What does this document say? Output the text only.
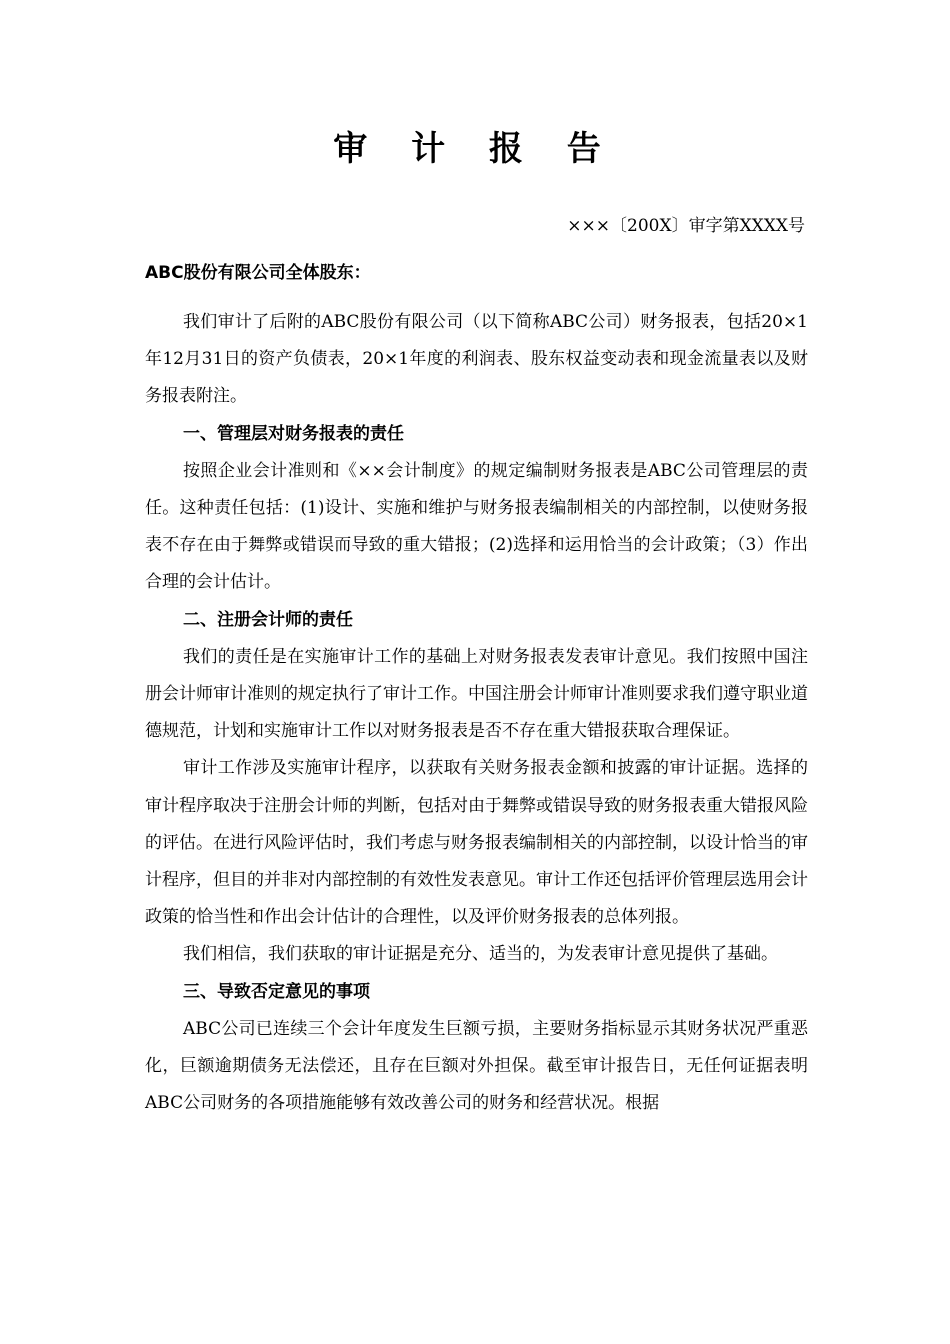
审 计 报 告
×××〔200X〕审字第XXXX号
ABC股份有限公司全体股东：

我们审计了后附的ABC股份有限公司（以下简称ABC公司）财务报表，包括20×1年12月31日的资产负债表，20×1年度的利润表、股东权益变动表和现金流量表以及财务报表附注。

一、管理层对财务报表的责任

按照企业会计准则和《××会计制度》的规定编制财务报表是ABC公司管理层的责任。这种责任包括：(1)设计、实施和维护与财务报表编制相关的内部控制，以使财务报表不存在由于舞弊或错误而导致的重大错报；(2)选择和运用恰当的会计政策；（3）作出合理的会计估计。

二、注册会计师的责任

我们的责任是在实施审计工作的基础上对财务报表发表审计意见。我们按照中国注册会计师审计准则的规定执行了审计工作。中国注册会计师审计准则要求我们遵守职业道德规范，计划和实施审计工作以对财务报表是否不存在重大错报获取合理保证。

审计工作涉及实施审计程序，以获取有关财务报表金额和披露的审计证据。选择的审计程序取决于注册会计师的判断，包括对由于舞弊或错误导致的财务报表重大错报风险的评估。在进行风险评估时，我们考虑与财务报表编制相关的内部控制，以设计恰当的审计程序，但目的并非对内部控制的有效性发表意见。审计工作还包括评价管理层选用会计政策的恰当性和作出会计估计的合理性，以及评价财务报表的总体列报。

我们相信，我们获取的审计证据是充分、适当的，为发表审计意见提供了基础。

三、导致否定意见的事项

ABC公司已连续三个会计年度发生巨额亏损，主要财务指标显示其财务状况严重恶化，巨额逾期债务无法偿还，且存在巨额对外担保。截至审计报告日，无任何证据表明ABC公司财务的各项措施能够有效改善公司的财务和经营状况。根据
